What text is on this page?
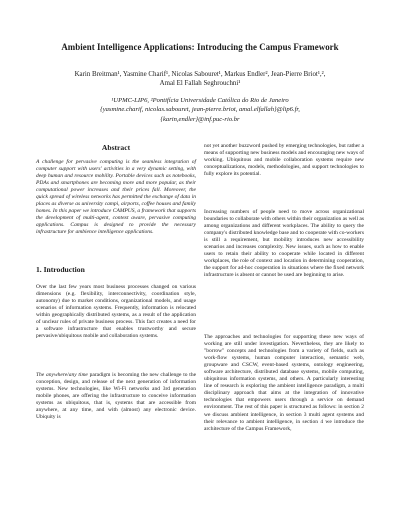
Ambient Intelligence Applications: Introducing the Campus Framework
Karin Breitman¹, Yasmine Charif¹, Nicolas Sabouret¹, Markus Endler², Jean-Pierre Briot¹,²,
Amal El Fallah Seghrouchni¹
¹UPMC-LIP6, ²Pontifícia Universidade Católica do Rio de Janeiro
{yasmine.charif, nicolas.sabouret, jean-pierre.briot, amal.elfallah}@lip6.fr,
{karin,endler}@inf.puc-rio.br
Abstract

A challenge for pervasive computing is the seamless integration of computer support with users' activities in a very dynamic setting, with deep human and resource mobility. Portable devices such as notebooks, PDAs and smartphones are becoming more and more popular, as their computational power increases and their prices fall. Moreover, the quick spread of wireless networks has permitted the exchange of data in places as diverse as university campi, airports, coffee houses and family homes. In this paper we introduce CAMPUS, a framework that supports the development of multi-agent, context aware, pervasive computing applications. Campus is designed to provide the necessary infrastructure for ambience intelligence applications.

1. Introduction

Over the last few years most business processes changed on various dimensions (e.g. flexibility, interconnectivity, coordination style, autonomy) due to market conditions, organizational models, and usage scenarios of information systems. Frequently, information is relocated within geographically distributed systems, as a result of the application of unclear rules of private business process. This fact creates a need for a software infrastructure that enables trustworthy and secure pervasive/ubiquitous mobile and collaboration systems.

The anywhere/any time paradigm is becoming the new challenge to the conception, design, and release of the next generation of information systems. New technologies, like Wi-Fi networks and 3rd generation mobile phones, are offering the infrastructure to conceive information systems as ubiquitous, that is, systems that are accessible from anywhere, at any time, and with (almost) any electronic device. Ubiquity is

not yet another buzzword pushed by emerging technologies, but rather a means of supporting new business models and encouraging new ways of working. Ubiquitous and mobile collaboration systems require new conceptualizations, models, methodologies, and support technologies to fully explore its potential.

Increasing numbers of people need to move across organizational boundaries to collaborate with others within their organization as well as among organizations and different workplaces. The ability to query the company's distributed knowledge base and to cooperate with co-workers is still a requirement, but mobility introduces new accessibility scenarios and increases complexity. New issues, such as how to enable users to retain their ability to cooperate while located in different workplaces, the role of context and location in determining cooperation, the support for ad-hoc cooperation in situations where the fixed network infrastructure is absent or cannot be used are beginning to arise.

The approaches and technologies for supporting these new ways of working are still under investigation. Nevertheless, they are likely to "borrow" concepts and technologies from a variety of fields, such as work-flow systems, human computer interaction, semantic web, groupware and CSCW, event-based systems, ontology engineering, software architecture, distributed database systems, mobile computing, ubiquitous information systems, and others. A particularly interesting line of research is exploring the ambient intelligence paradigm, a multi disciplinary approach that aims at the integration of innovative technologies that empowers users through a service on demand environment. The rest of this paper is structured as follows: in section 2 we discuss ambient intelligence, in section 3 multi agent systems and their relevance to ambient intelligence, in section 4 we introduce the architecture of the Campus Framework,
